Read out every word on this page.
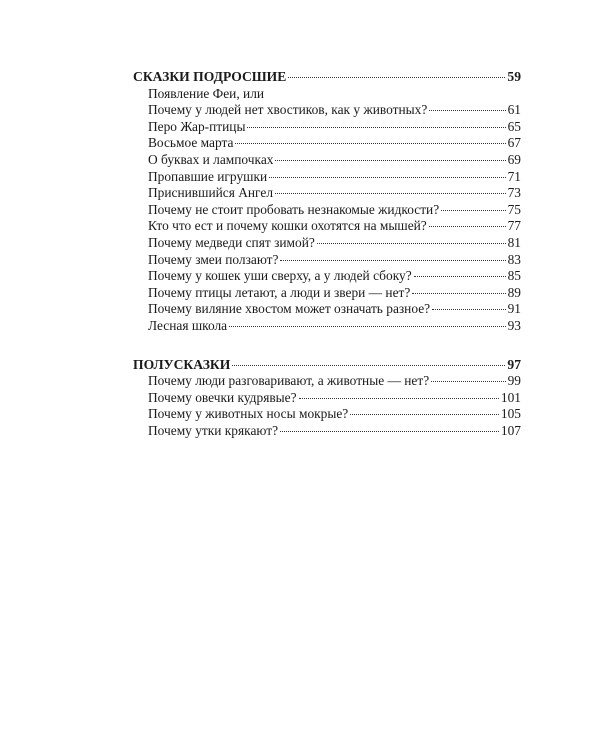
СКАЗКИ ПОДРОСШИЕ	59
Появление Феи, или
Почему у людей нет хвостиков, как у животных?	61
Перо Жар-птицы	65
Восьмое марта	67
О буквах и лампочках	69
Пропавшие игрушки	71
Приснившийся Ангел	73
Почему не стоит пробовать незнакомые жидкости?	75
Кто что ест и почему кошки охотятся на мышей?	77
Почему медведи спят зимой?	81
Почему змеи ползают?	83
Почему у кошек уши сверху, а у людей сбоку?	85
Почему птицы летают, а люди и звери — нет?	89
Почему виляние хвостом может означать разное?	91
Лесная школа	93
ПОЛУСКАЗКИ	97
Почему люди разговаривают, а животные — нет?	99
Почему овечки кудрявые?	101
Почему у животных носы мокрые?	105
Почему утки крякают?	107
